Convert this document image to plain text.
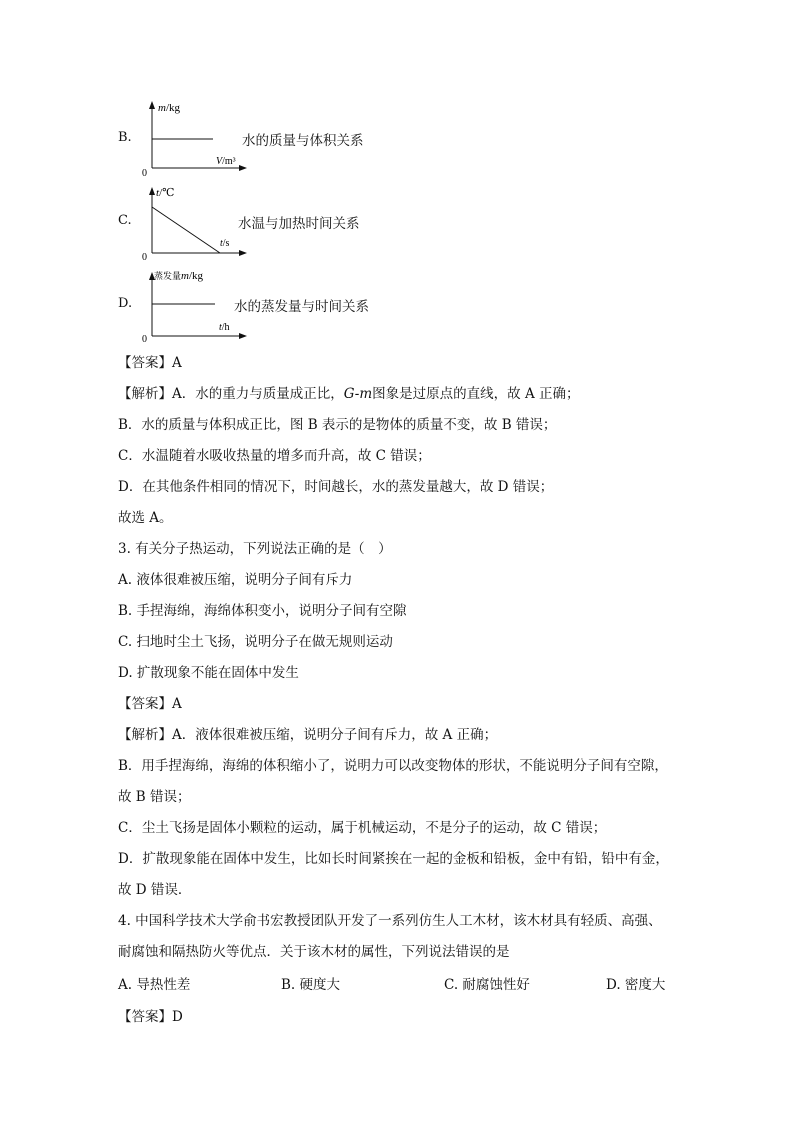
B.
m/kg
0
V/m³
水的质量与体积关系
C.
t/℃
0
t/s
水温与加热时间关系
D.
蒸发量m/kg
0
t/h
水的蒸发量与时间关系
【答案】A
【解析】A．水的重力与质量成正比，G-m图象是过原点的直线，故 A 正确；
B．水的质量与体积成正比，图 B 表示的是物体的质量不变，故 B 错误；
C．水温随着水吸收热量的增多而升高，故 C 错误；
D．在其他条件相同的情况下，时间越长，水的蒸发量越大，故 D 错误；
故选 A。
3. 有关分子热运动，下列说法正确的是（　）
A. 液体很难被压缩，说明分子间有斥力
B. 手捏海绵，海绵体积变小，说明分子间有空隙
C. 扫地时尘土飞扬，说明分子在做无规则运动
D. 扩散现象不能在固体中发生
【答案】A
【解析】A．液体很难被压缩，说明分子间有斥力，故 A 正确；
B．用手捏海绵，海绵的体积缩小了，说明力可以改变物体的形状，不能说明分子间有空隙，
故 B 错误；
C．尘土飞扬是固体小颗粒的运动，属于机械运动，不是分子的运动，故 C 错误；
D．扩散现象能在固体中发生，比如长时间紧挨在一起的金板和铅板，金中有铅，铅中有金，
故 D 错误．
4. 中国科学技术大学俞书宏教授团队开发了一系列仿生人工木材，该木材具有轻质、高强、
耐腐蚀和隔热防火等优点．关于该木材的属性，下列说法错误的是
A. 导热性差	B. 硬度大	C. 耐腐蚀性好	D. 密度大
【答案】D
